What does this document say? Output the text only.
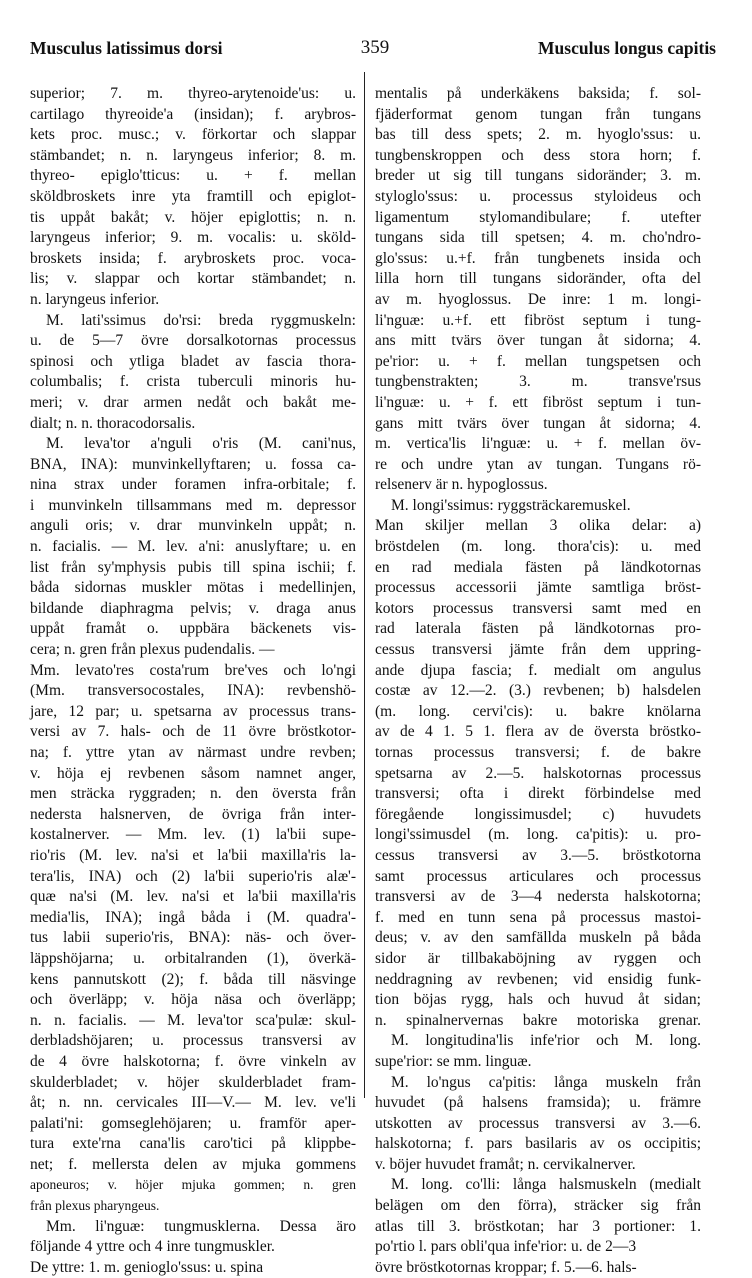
Musculus latissimus dorsi	359	Musculus longus capitis

superior; 7. m. thyreo-arytenoide'us: u.

cartilago thyreoide'a (insidan); f. arybros-

kets proc. musc.; v. förkortar och slappar

stämbandet; n. n. laryngeus inferior; 8. m.

thyreo- epiglo'tticus: u. + f. mellan

sköldbroskets inre yta framtill och epiglot-

tis uppåt bakåt; v. höjer epiglottis; n. n.

laryngeus inferior; 9. m. vocalis: u. sköld-

broskets insida; f. arybroskets proc. voca-

lis; v. slappar och kortar stämbandet; n.

n. laryngeus inferior.

M. lati'ssimus do'rsi: breda ryggmuskeln:

u. de 5—7 övre dorsalkotornas processus

spinosi och ytliga bladet av fascia thora-

columbalis; f. crista tuberculi minoris hu-

meri; v. drar armen nedåt och bakåt me-

dialt; n. n. thoracodorsalis.

M. leva'tor a'nguli o'ris (M. cani'nus,

BNA, INA): munvinkellyftaren; u. fossa ca-

nina strax under foramen infra-orbitale; f.

i munvinkeln tillsammans med m. depressor

anguli oris; v. drar munvinkeln uppåt; n.

n. facialis. — M. lev. a'ni: anuslyftare; u. en

list från sy'mphysis pubis till spina ischii; f.

båda sidornas muskler mötas i medellinjen,

bildande diaphragma pelvis; v. draga anus

uppåt framåt o. uppbära bäckenets vis-

cera; n. gren från plexus pudendalis. —

Mm. levato'res costa'rum bre'ves och lo'ngi

(Mm. transversocostales, INA): revbenshö-

jare, 12 par; u. spetsarna av processus trans-

versi av 7. hals- och de 11 övre bröstkotor-

na; f. yttre ytan av närmast undre revben;

v. höja ej revbenen såsom namnet anger,

men sträcka ryggraden; n. den översta från

nedersta halsnerven, de övriga från inter-

kostalnerver. — Mm. lev. (1) la'bii supe-

rio'ris (M. lev. na'si et la'bii maxilla'ris la-

tera'lis, INA) och (2) la'bii superio'ris alæ'-

quæ na'si (M. lev. na'si et la'bii maxilla'ris

media'lis, INA); ingå båda i (M. quadra'-

tus labii superio'ris, BNA): näs- och över-

läppshöjarna; u. orbitalranden (1), överkä-

kens pannutskott (2); f. båda till näsvinge

och överläpp; v. höja näsa och överläpp;

n. n. facialis. — M. leva'tor sca'pulæ: skul-

derbladshöjaren; u. processus transversi av

de 4 övre halskotorna; f. övre vinkeln av

skulderbladet; v. höjer skulderbladet fram-

åt; n. nn. cervicales III—V.— M. lev. ve'li

palati'ni: gomseglehöjaren; u. framför aper-

tura exte'rna cana'lis caro'tici på klippbe-

net; f. mellersta delen av mjuka gommens

aponeuros; v. höjer mjuka gommen; n. gren

från plexus pharyngeus.

Mm. li'nguæ: tungmusklerna. Dessa äro

följande 4 yttre och 4 inre tungmuskler.

De yttre: 1. m. genioglo'ssus: u. spina

mentalis på underkäkens baksida; f. sol-

fjäderformat genom tungan från tungans

bas till dess spets; 2. m. hyoglo'ssus: u.

tungbenskroppen och dess stora horn; f.

breder ut sig till tungans sidoränder; 3. m.

styloglo'ssus: u. processus styloideus och

ligamentum stylomandibulare; f. utefter

tungans sida till spetsen; 4. m. cho'ndro-

glo'ssus: u.+f. från tungbenets insida och

lilla horn till tungans sidoränder, ofta del

av m. hyoglossus. De inre: 1 m. longi-

li'nguæ: u.+f. ett fibröst septum i tung-

ans mitt tvärs över tungan åt sidorna; 4.

pe'rior: u. + f. mellan tungspetsen och

tungbenstrakten; 3. m. transve'rsus

li'nguæ: u. + f. ett fibröst septum i tun-

gans mitt tvärs över tungan åt sidorna; 4.

m. vertica'lis li'nguæ: u. + f. mellan öv-

re och undre ytan av tungan. Tungans rö-

relsenerv är n. hypoglossus.

M. longi'ssimus: ryggsträckaremuskel.

Man skiljer mellan 3 olika delar: a)

bröstdelen (m. long. thora'cis): u. med

en rad mediala fästen på ländkotornas

processus accessorii jämte samtliga bröst-

kotors processus transversi samt med en

rad laterala fästen på ländkotornas pro-

cessus transversi jämte från dem uppring-

ande djupa fascia; f. medialt om angulus

costæ av 12.—2. (3.) revbenen; b) halsdelen

(m. long. cervi'cis): u. bakre knölarna

av de 4 1. 5 1. flera av de översta bröstko-

tornas processus transversi; f. de bakre

spetsarna av 2.—5. halskotornas processus

transversi; ofta i direkt förbindelse med

föregående longissimusdel; c) huvudets

longi'ssimusdel (m. long. ca'pitis): u. pro-

cessus transversi av 3.—5. bröstkotorna

samt processus articulares och processus

transversi av de 3—4 nedersta halskotorna;

f. med en tunn sena på processus mastoi-

deus; v. av den samfällda muskeln på båda

sidor är tillbakaböjning av ryggen och

neddragning av revbenen; vid ensidig funk-

tion böjas rygg, hals och huvud åt sidan;

n. spinalnervernas bakre motoriska grenar.

M. longitudina'lis infe'rior och M. long.

supe'rior: se mm. linguæ.

M. lo'ngus ca'pitis: långa muskeln från

huvudet (på halsens framsida); u. främre

utskotten av processus transversi av 3.—6.

halskotorna; f. pars basilaris av os occipitis;

v. böjer huvudet framåt; n. cervikalnerver.

M. long. co'lli: långa halsmuskeln (medialt

belägen om den förra), sträcker sig från

atlas till 3. bröstkotan; har 3 portioner: 1.

po'rtio l. pars obli'qua infe'rior: u. de 2—3

övre bröstkotornas kroppar; f. 5.—6. hals-
